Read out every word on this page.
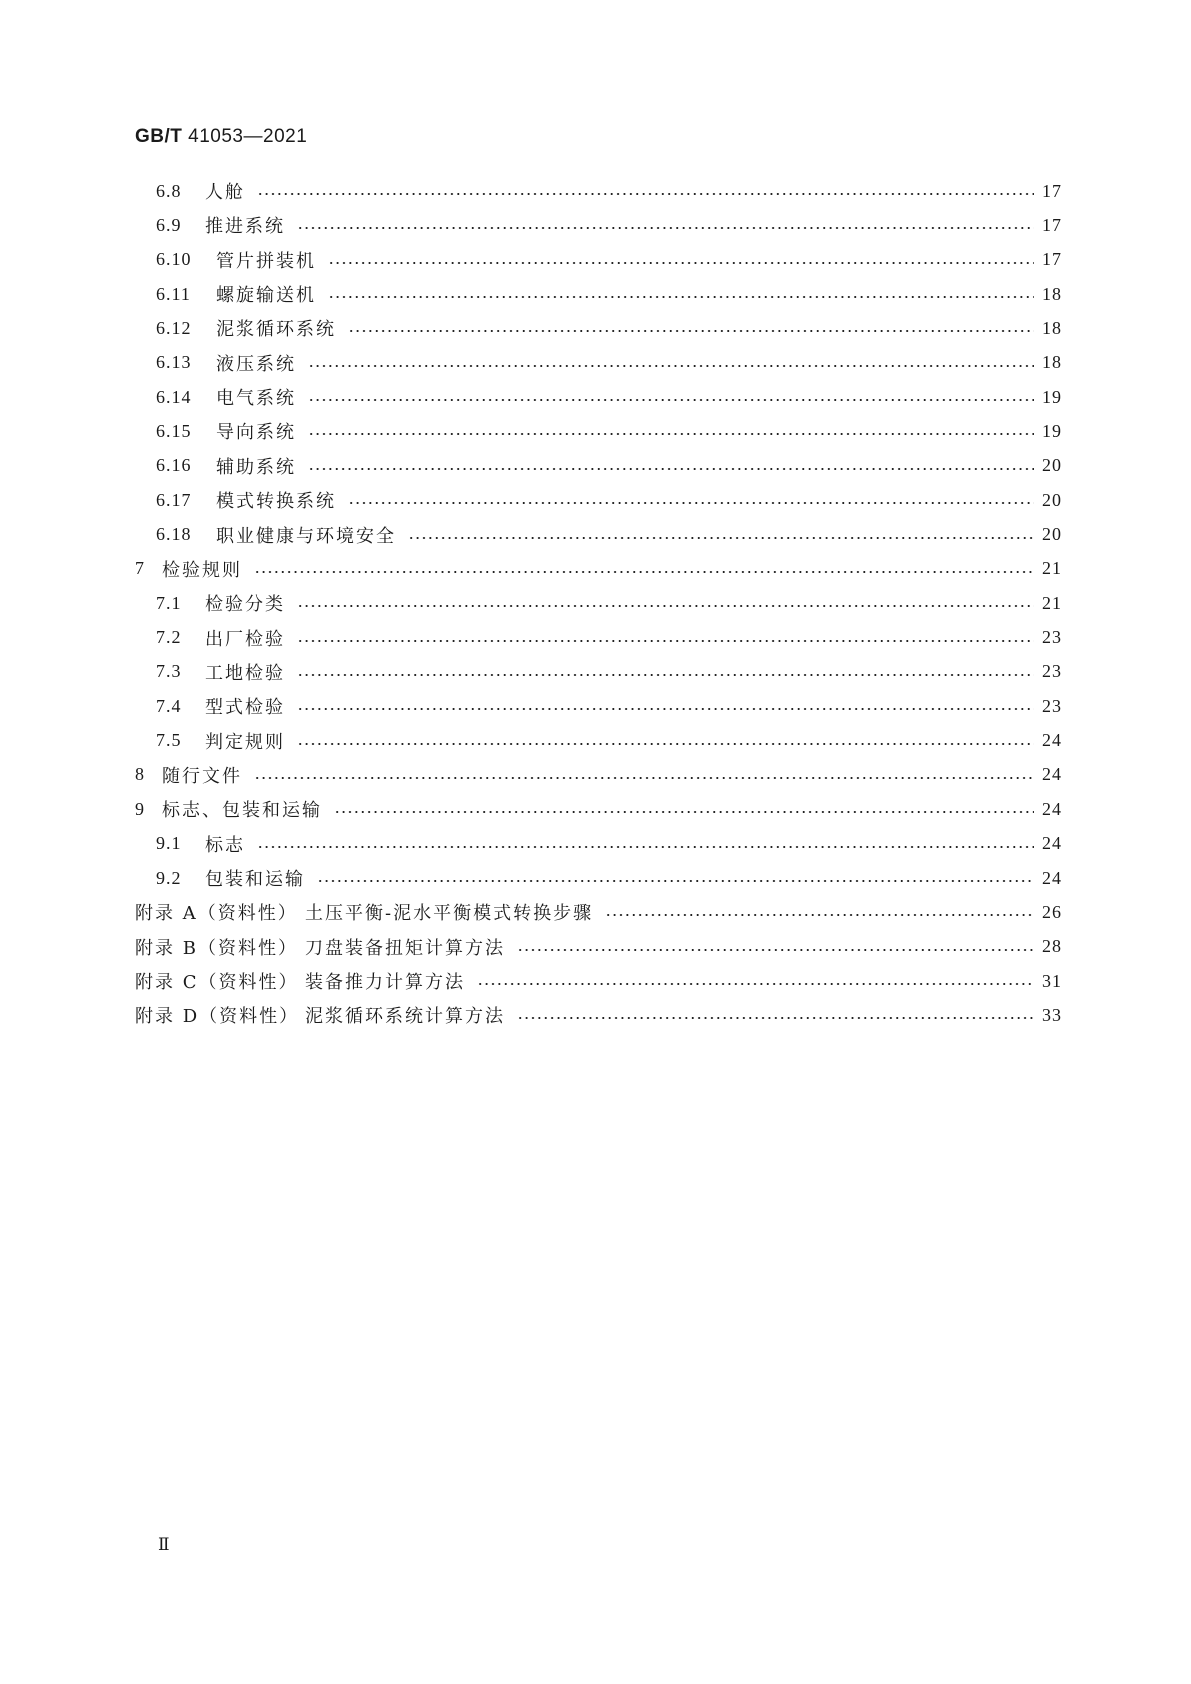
GB/T 41053—2021
6.8	人舱	17
6.9	推进系统	17
6.10	管片拼装机	17
6.11	螺旋输送机	18
6.12	泥浆循环系统	18
6.13	液压系统	18
6.14	电气系统	19
6.15	导向系统	19
6.16	辅助系统	20
6.17	模式转换系统	20
6.18	职业健康与环境安全	20
7 检验规则	21
7.1	检验分类	21
7.2	出厂检验	23
7.3	工地检验	23
7.4	型式检验	23
7.5	判定规则	24
8 随行文件	24
9 标志、包装和运输	24
9.1	标志	24
9.2	包装和运输	24
附录 A（资料性） 土压平衡-泥水平衡模式转换步骤	26
附录 B（资料性） 刀盘装备扭矩计算方法	28
附录 C（资料性） 装备推力计算方法	31
附录 D（资料性） 泥浆循环系统计算方法	33
Ⅱ
